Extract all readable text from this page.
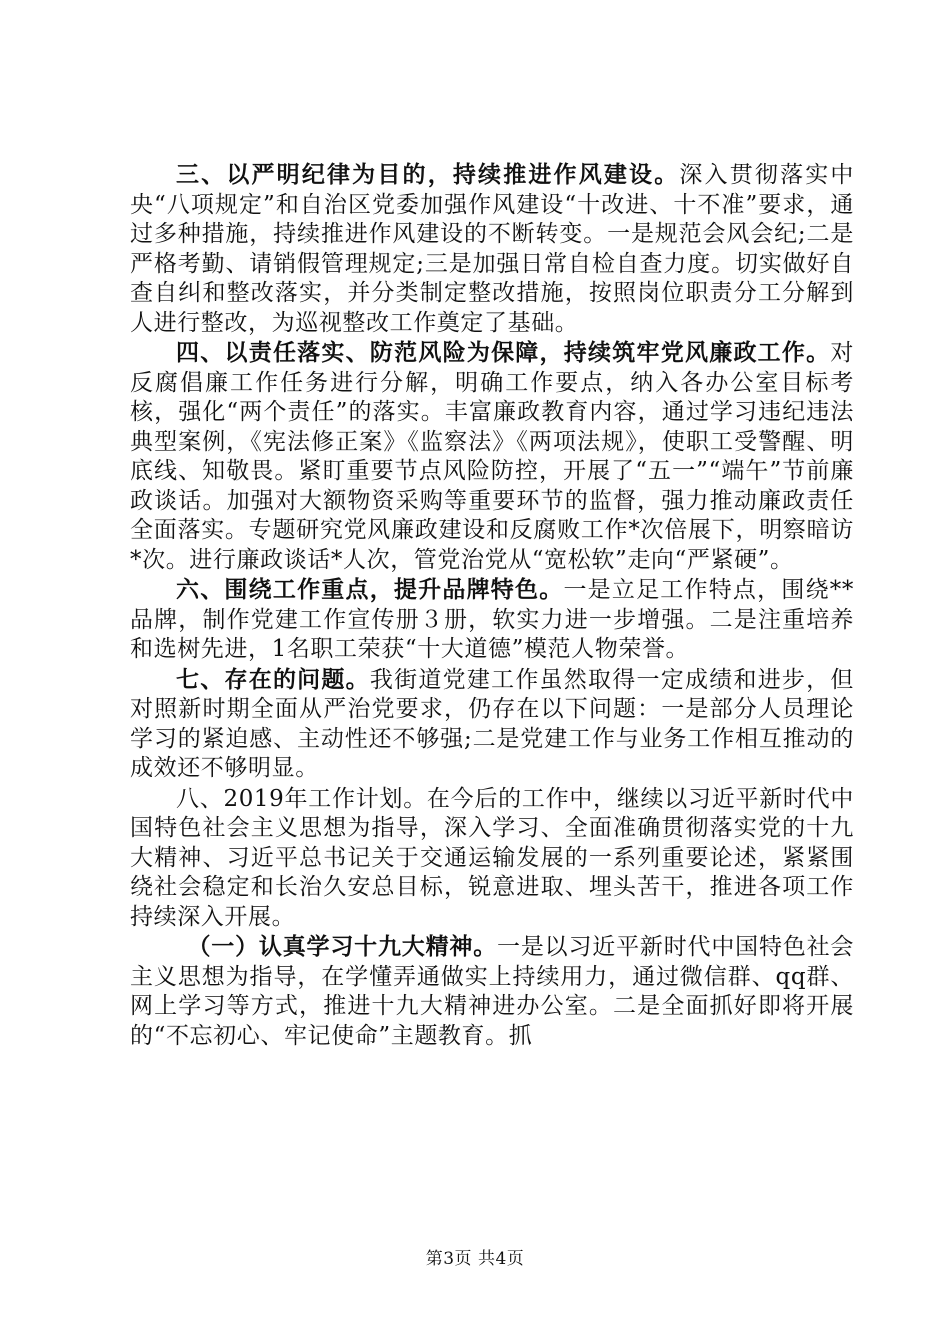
三、以严明纪律为目的，持续推进作风建设。深入贯彻落实中央“八项规定”和自治区党委加强作风建设“十改进、十不准”要求，通过多种措施，持续推进作风建设的不断转变。一是规范会风会纪;二是严格考勤、请销假管理规定;三是加强日常自检自查力度。切实做好自查自纠和整改落实，并分类制定整改措施，按照岗位职责分工分解到人进行整改，为巡视整改工作奠定了基础。

四、以责任落实、防范风险为保障，持续筑牢党风廉政工作。对反腐倡廉工作任务进行分解，明确工作要点，纳入各办公室目标考核，强化“两个责任”的落实。丰富廉政教育内容，通过学习违纪违法典型案例，《宪法修正案》《监察法》《两项法规》，使职工受警醒、明底线、知敬畏。紧盯重要节点风险防控，开展了“五一”“端午”节前廉政谈话。加强对大额物资采购等重要环节的监督，强力推动廉政责任全面落实。专题研究党风廉政建设和反腐败工作*次倍展下，明察暗访*次。进行廉政谈话*人次，管党治党从“宽松软”走向“严紧硬”。

六、围绕工作重点，提升品牌特色。一是立足工作特点，围绕**品牌，制作党建工作宣传册３册，软实力进一步增强。二是注重培养和选树先进，1名职工荣获“十大道德”模范人物荣誉。

七、存在的问题。我街道党建工作虽然取得一定成绩和进步，但对照新时期全面从严治党要求，仍存在以下问题：一是部分人员理论学习的紧迫感、主动性还不够强;二是党建工作与业务工作相互推动的成效还不够明显。

八、2019年工作计划。在今后的工作中，继续以习近平新时代中国特色社会主义思想为指导，深入学习、全面准确贯彻落实党的十九大精神、习近平总书记关于交通运输发展的一系列重要论述，紧紧围绕社会稳定和长治久安总目标，锐意进取、埋头苦干，推进各项工作持续深入开展。

（一）认真学习十九大精神。一是以习近平新时代中国特色社会主义思想为指导，在学懂弄通做实上持续用力，通过微信群、qq群、网上学习等方式，推进十九大精神进办公室。二是全面抓好即将开展的“不忘初心、牢记使命”主题教育。抓

第3页 共4页
